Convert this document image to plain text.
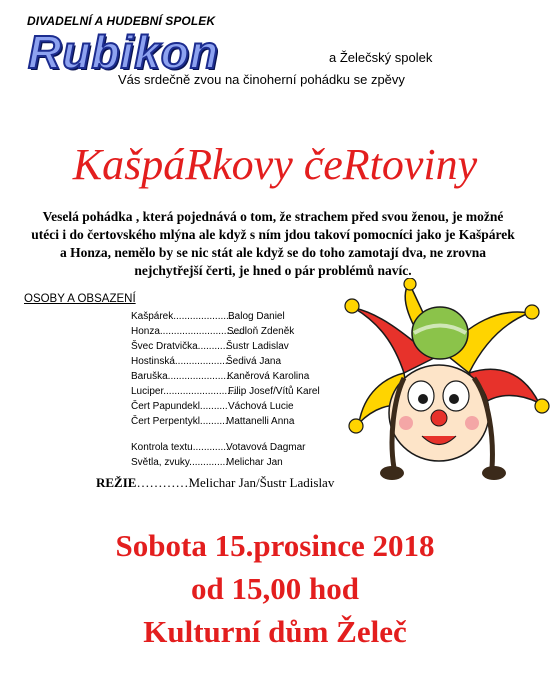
DIVADELNÍ A HUDEBNÍ SPOLEK
Rubikon	a Želečský spolek
Vás srdečně zvou na činoherní pohádku se zpěvy
KašpáRkovy čeRtoviny
Veselá pohádka , která pojednává o tom, že strachem před svou ženou, je možné utéci i do čertovského mlýna ale když s ním jdou takoví pomocníci jako je Kašpárek a Honza, nemělo by se nic stát ale když se do toho zamotají dva, ne zrovna nejchytřejší čerti, je hned o pár problémů navíc.
OSOBY A OBSAZENÍ
Kašpárek......................
Balog Daniel
Honza..............................
Sedloň Zdeněk
Švec Dratvička...........
Šustr Ladislav
Hostinská....................
Šedivá Jana
Baruška........................
Kaněrová Karolina
Luciper............................
Filip Josef/Vítů Karel
Čert Papundekl.......... Váchová Lucie
Čert Perpentykl..........
Mattanelli Anna
Kontrola textu.............
Votavová Dagmar
Světla, zvuky..............
Melichar Jan
REŽIE…………Melichar Jan/Šustr Ladislav
Sobota 15.prosince 2018
od 15,00 hod
Kulturní dům Želeč
